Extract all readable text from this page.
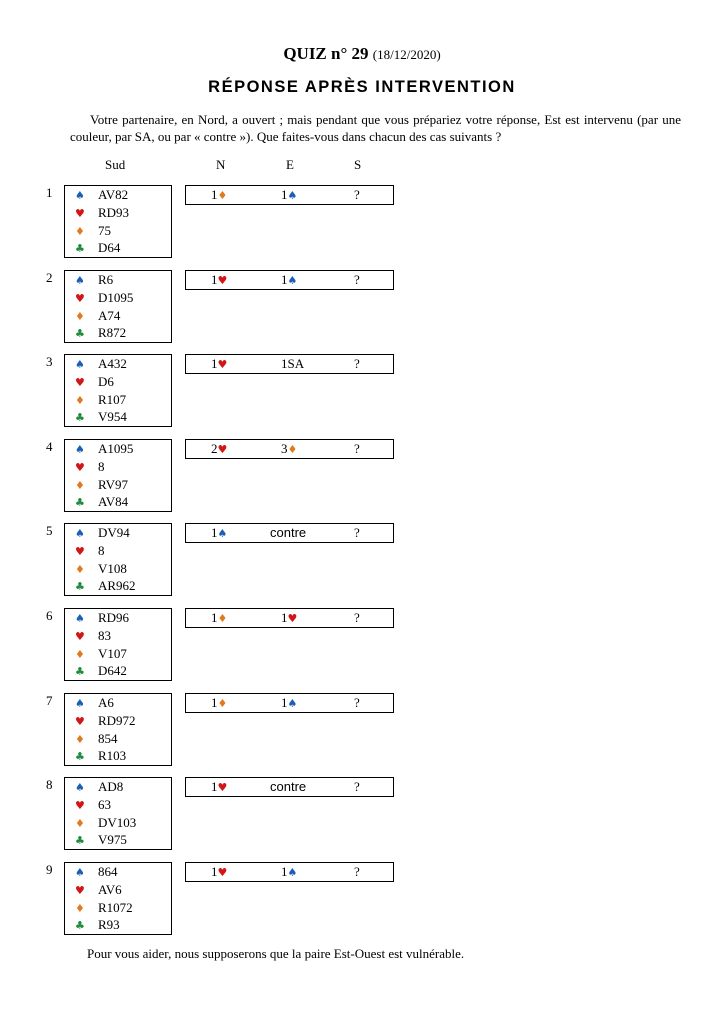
QUIZ n° 29 (18/12/2020)
RÉPONSE APRÈS INTERVENTION
Votre partenaire, en Nord, a ouvert ; mais pendant que vous prépariez votre réponse, Est est intervenu (par une couleur, par SA, ou par « contre »). Que faites-vous dans chacun des cas suivants ?
Sud	N	E	S
1 ♠ AV82
♥ RD93
♦ 75
♣ D64
1♦	1♠	?
2 ♠ R6
♥ D1095
♦ A74
♣ R872
1♥	1♠	?
3 ♠ A432
♥ D6
♦ R107
♣ V954
1♥	1SA	?
4 ♠ A1095
♥ 8
♦ RV97
♣ AV84
2♥	3♦	?
5 ♠ DV94
♥ 8
♦ V108
♣ AR962
1♠	contre	?
6 ♠ RD96
♥ 83
♦ V107
♣ D642
1♦	1♥	?
7 ♠ A6
♥ RD972
♦ 854
♣ R103
1♦	1♠	?
8 ♠ AD8
♥ 63
♦ DV103
♣ V975
1♥	contre	?
9 ♠ 864
♥ AV6
♦ R1072
♣ R93
1♥	1♠	?
Pour vous aider, nous supposerons que la paire Est-Ouest est vulnérable.
